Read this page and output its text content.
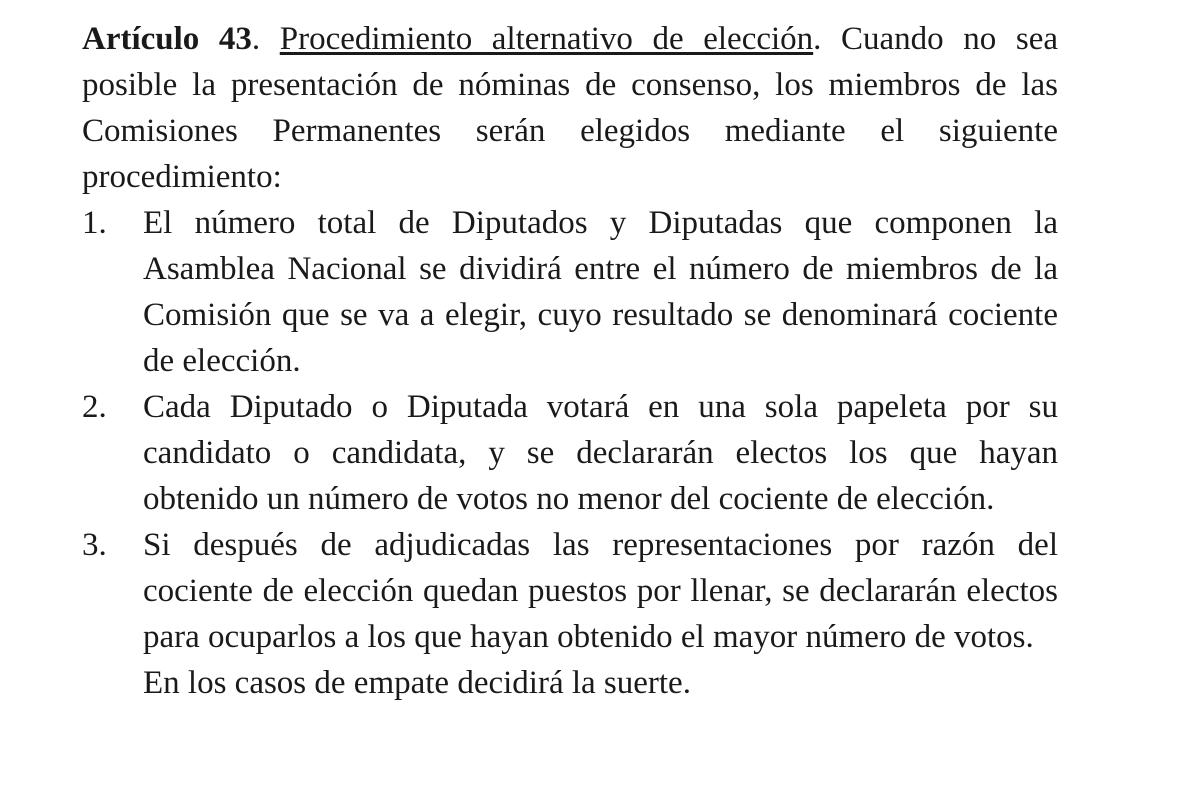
Artículo 43. Procedimiento alternativo de elección. Cuando no sea posible la presentación de nóminas de consenso, los miembros de las Comisiones Permanentes serán elegidos mediante el siguiente procedimiento:

1. El número total de Diputados y Diputadas que componen la Asamblea Nacional se dividirá entre el número de miembros de la Comisión que se va a elegir, cuyo resultado se denominará cociente de elección.
2. Cada Diputado o Diputada votará en una sola papeleta por su candidato o candidata, y se declararán electos los que hayan obtenido un número de votos no menor del cociente de elección.
3. Si después de adjudicadas las representaciones por razón del cociente de elección quedan puestos por llenar, se declararán electos para ocuparlos a los que hayan obtenido el mayor número de votos.

En los casos de empate decidirá la suerte.
